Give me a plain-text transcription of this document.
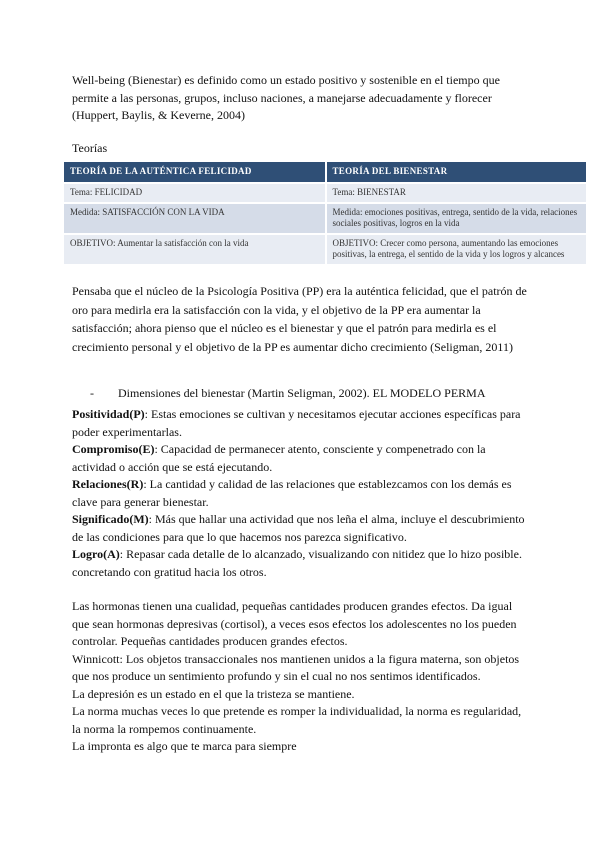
Well-being (Bienestar) es definido como un estado positivo y sostenible en el tiempo que permite a las personas, grupos, incluso naciones, a manejarse adecuadamente y florecer (Huppert, Baylis, & Keverne, 2004)

Teorías

TEORÍA DE LA AUTÉNTICA FELICIDAD	TEORÍA DEL BIENESTAR
Tema: FELICIDAD	Tema: BIENESTAR
Medida: SATISFACCIÓN CON LA VIDA	Medida: emociones positivas, entrega, sentido de la vida, relaciones sociales positivas, logros en la vida
OBJETIVO: Aumentar la satisfacción con la vida	OBJETIVO: Crecer como persona, aumentando las emociones positivas, la entrega, el sentido de la vida y los logros y alcances

Pensaba que el núcleo de la Psicología Positiva (PP) era la auténtica felicidad, que el patrón de oro para medirla era la satisfacción con la vida, y el objetivo de la PP era aumentar la satisfacción; ahora pienso que el núcleo es el bienestar y que el patrón para medirla es el crecimiento personal y el objetivo de la PP es aumentar dicho crecimiento (Seligman, 2011)

- Dimensiones del bienestar (Martin Seligman, 2002). EL MODELO PERMA

Positividad(P): Estas emociones se cultivan y necesitamos ejecutar acciones específicas para poder experimentarlas.

Compromiso(E): Capacidad de permanecer atento, consciente y compenetrado con la actividad o acción que se está ejecutando.

Relaciones(R): La cantidad y calidad de las relaciones que establezcamos con los demás es clave para generar bienestar.

Significado(M): Más que hallar una actividad que nos leña el alma, incluye el descubrimiento de las condiciones para que lo que hacemos nos parezca significativo.

Logro(A): Repasar cada detalle de lo alcanzado, visualizando con nitidez que lo hizo posible. concretando con gratitud hacia los otros.

Las hormonas tienen una cualidad, pequeñas cantidades producen grandes efectos. Da igual que sean hormonas depresivas (cortisol), a veces esos efectos los adolescentes no los pueden controlar. Pequeñas cantidades producen grandes efectos.

Winnicott: Los objetos transaccionales nos mantienen unidos a la figura materna, son objetos que nos produce un sentimiento profundo y sin el cual no nos sentimos identificados.

La depresión es un estado en el que la tristeza se mantiene.

La norma muchas veces lo que pretende es romper la individualidad, la norma es regularidad, la norma la rompemos continuamente.

La impronta es algo que te marca para siempre
